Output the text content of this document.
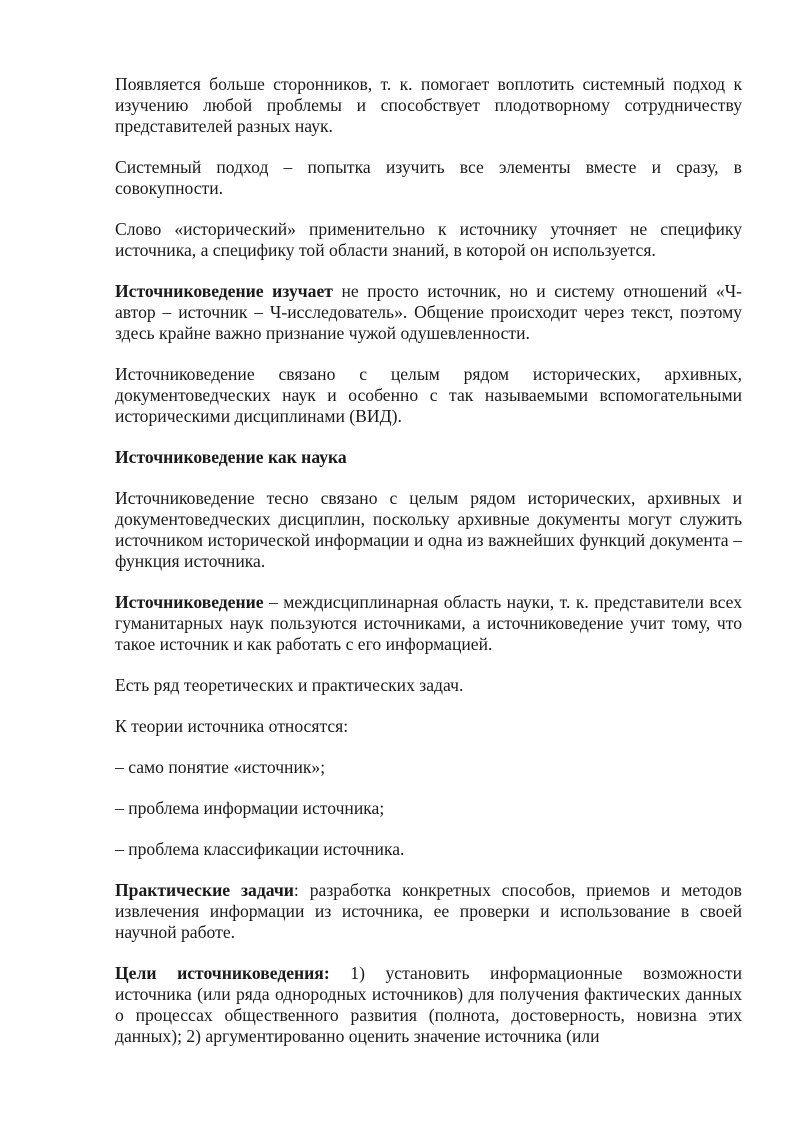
Появляется больше сторонников, т. к. помогает воплотить системный подход к изучению любой проблемы и способствует плодотворному сотрудничеству представителей разных наук.

Системный подход – попытка изучить все элементы вместе и сразу, в совокупности.

Слово «исторический» применительно к источнику уточняет не специфику источника, а специфику той области знаний, в которой он используется.

Источниковедение изучает не просто источник, но и систему отношений «Ч-автор – источник – Ч-исследователь». Общение происходит через текст, поэтому здесь крайне важно признание чужой одушевленности.

Источниковедение связано с целым рядом исторических, архивных, документоведческих наук и особенно с так называемыми вспомогательными историческими дисциплинами (ВИД).

Источниковедение как наука

Источниковедение тесно связано с целым рядом исторических, архивных и документоведческих дисциплин, поскольку архивные документы могут служить источником исторической информации и одна из важнейших функций документа – функция источника.

Источниковедение – междисциплинарная область науки, т. к. представители всех гуманитарных наук пользуются источниками, а источниковедение учит тому, что такое источник и как работать с его информацией.

Есть ряд теоретических и практических задач.

К теории источника относятся:

– само понятие «источник»;

– проблема информации источника;

– проблема классификации источника.

Практические задачи: разработка конкретных способов, приемов и методов извлечения информации из источника, ее проверки и использование в своей научной работе.

Цели источниковедения: 1) установить информационные возможности источника (или ряда однородных источников) для получения фактических данных о процессах общественного развития (полнота, достоверность, новизна этих данных); 2) аргументированно оценить значение источника (или
